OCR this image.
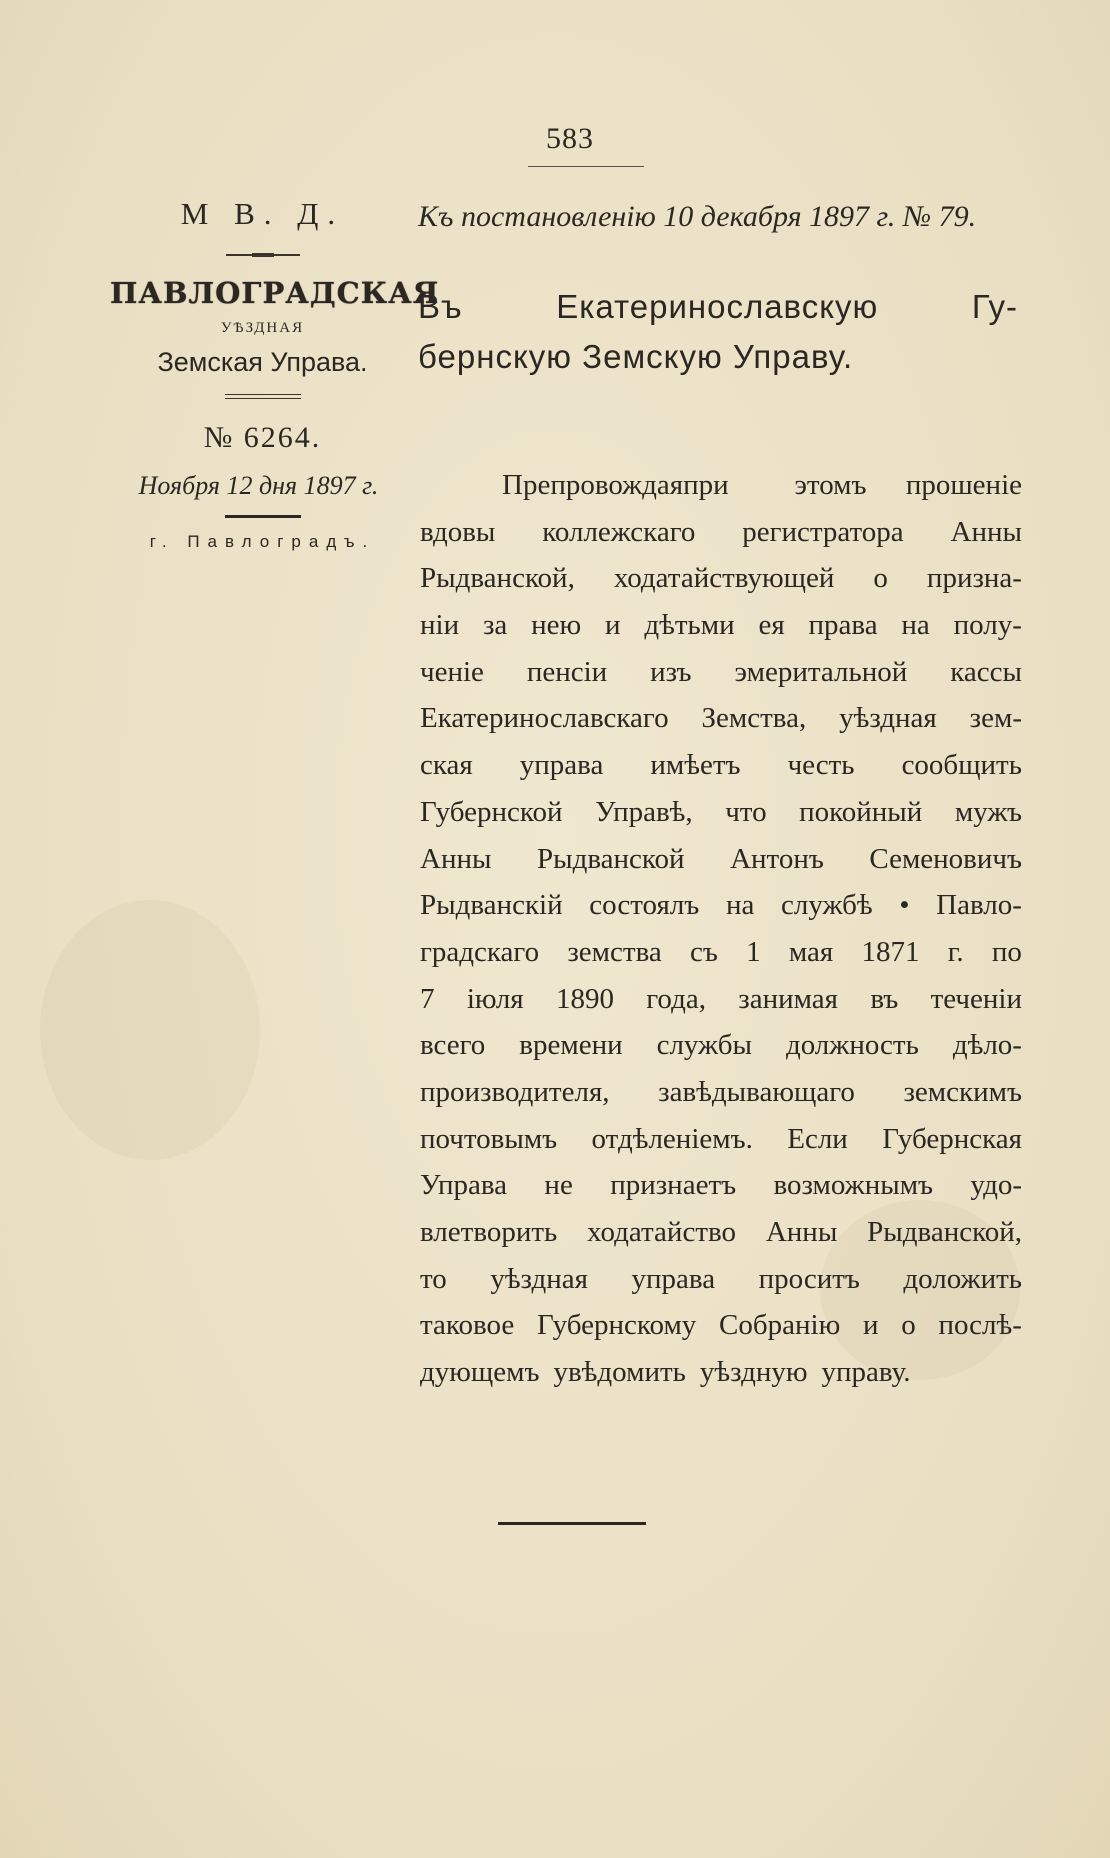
583
М В. Д.
ПАВЛОГРАДСКАЯ
УѢЗДНАЯ
Земская Управа.
№ 6264.
Ноября 12 дня 1897 г.
г. Павлоградъ.
Къ постановленію 10 декабря 1897 г. № 79.
Въ	Екатеринославскую	Гу-
бернскую Земскую Управу.
Препровождая при	этомъ	прошеніе
вдовы коллежскаго регистратора Анны
Рыдванской, ходатайствующей о призна-
ніи за нею и дѣтьми ея права на полу-
ченіе пенсіи изъ эмеритальной кассы
Екатеринославскаго Земства, уѣздная зем-
ская управа имѣетъ честь сообщить
Губернской Управѣ, что покойный мужъ
Анны Рыдванской Антонъ Семеновичъ
Рыдванскій состоялъ на службѣ • Павло-
градскаго земства съ 1 мая 1871 г. по
7 іюля 1890 года, занимая въ теченіи
всего времени службы должность дѣло-
производителя, завѣдывающаго земскимъ
почтовымъ отдѣленіемъ. Если Губернская
Управа не признаетъ возможнымъ удо-
влетворить ходатайство Анны Рыдванской,
то уѣздная управа проситъ доложить
таковое Губернскому Собранію и о послѣ-
дующемъ увѣдомить уѣздную управу.
